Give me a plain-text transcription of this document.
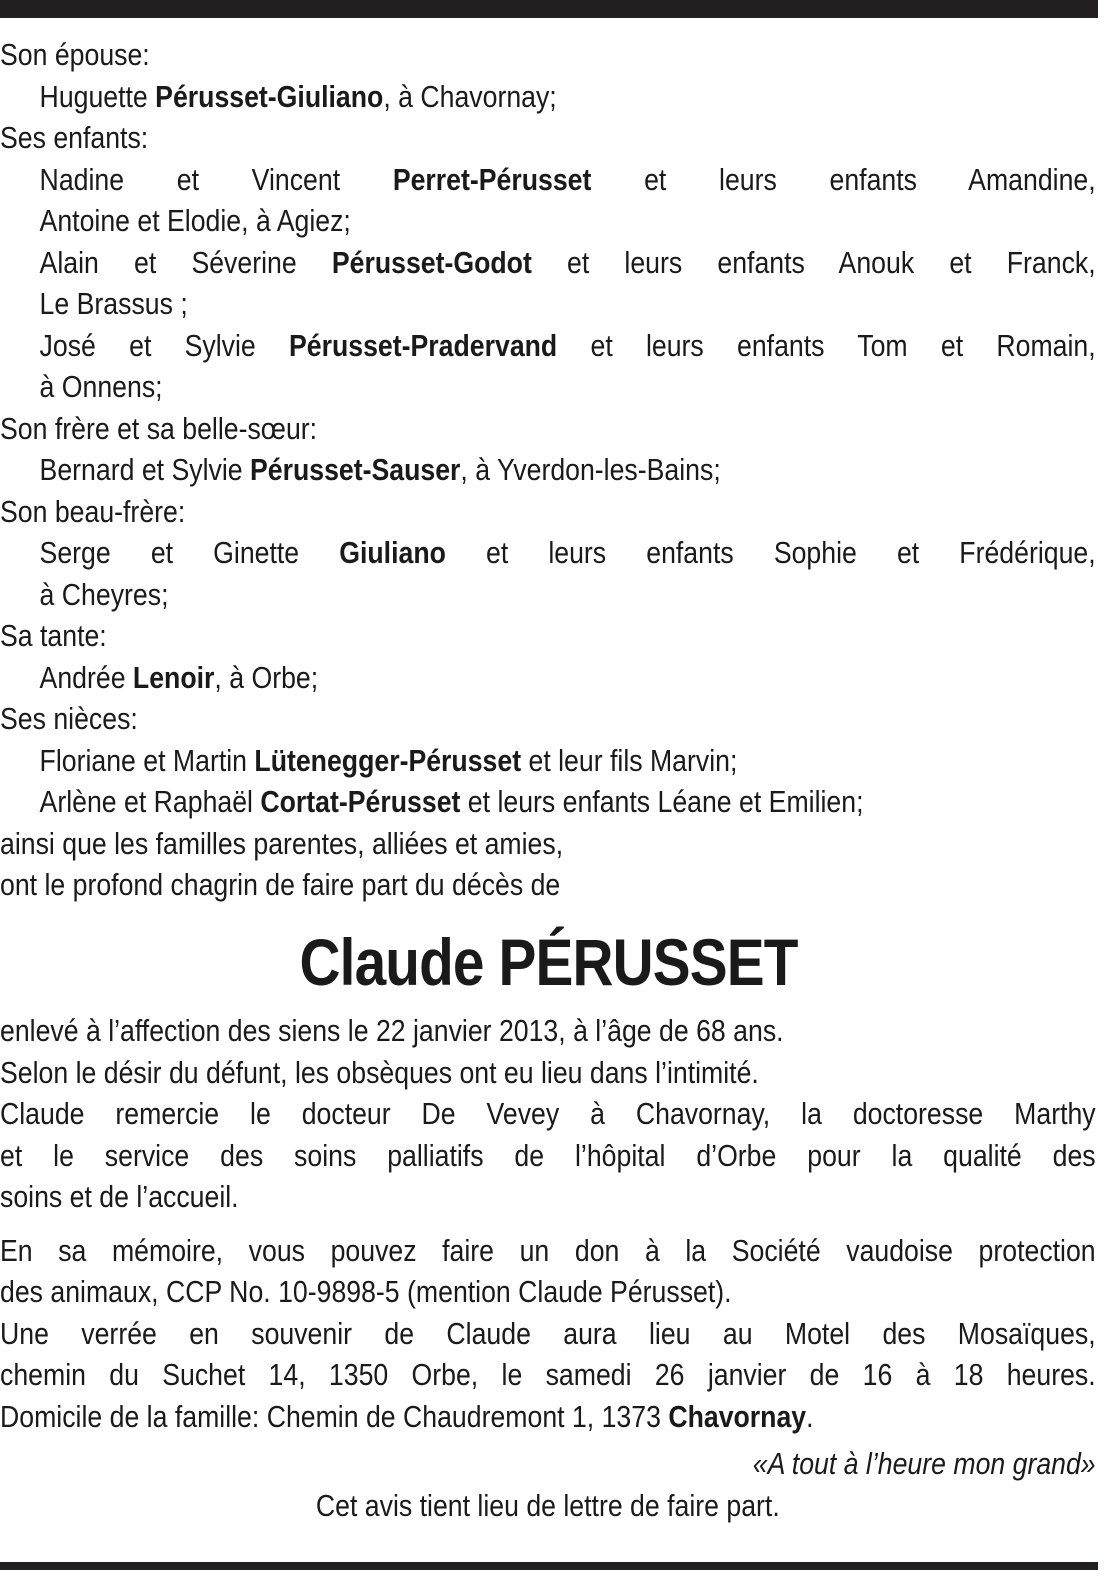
Son épouse:
Huguette Pérusset-Giuliano, à Chavornay;
Ses enfants:
Nadine et Vincent Perret-Pérusset et leurs enfants Amandine,
Antoine et Elodie, à Agiez;
Alain et Séverine Pérusset-Godot et leurs enfants Anouk et Franck,
Le Brassus ;
José et Sylvie Pérusset-Pradervand et leurs enfants Tom et Romain,
à Onnens;
Son frère et sa belle-sœur:
Bernard et Sylvie Pérusset-Sauser, à Yverdon-les-Bains;
Son beau-frère:
Serge et Ginette Giuliano et leurs enfants Sophie et Frédérique,
à Cheyres;
Sa tante:
Andrée Lenoir, à Orbe;
Ses nièces:
Floriane et Martin Lütenegger-Pérusset et leur fils Marvin;
Arlène et Raphaël Cortat-Pérusset et leurs enfants Léane et Emilien;
ainsi que les familles parentes, alliées et amies,
ont le profond chagrin de faire part du décès de
Claude PÉRUSSET
enlevé à l’affection des siens le 22 janvier 2013, à l’âge de 68 ans.
Selon le désir du défunt, les obsèques ont eu lieu dans l’intimité.
Claude remercie le docteur De Vevey à Chavornay, la doctoresse Marthy
et le service des soins palliatifs de l’hôpital d’Orbe pour la qualité des
soins et de l’accueil.
En sa mémoire, vous pouvez faire un don à la Société vaudoise protection
des animaux, CCP No. 10-9898-5 (mention Claude Pérusset).
Une verrée en souvenir de Claude aura lieu au Motel des Mosaïques,
chemin du Suchet 14, 1350 Orbe, le samedi 26 janvier de 16 à 18 heures.
Domicile de la famille: Chemin de Chaudremont 1, 1373 Chavornay.
«A tout à l’heure mon grand»
Cet avis tient lieu de lettre de faire part.
